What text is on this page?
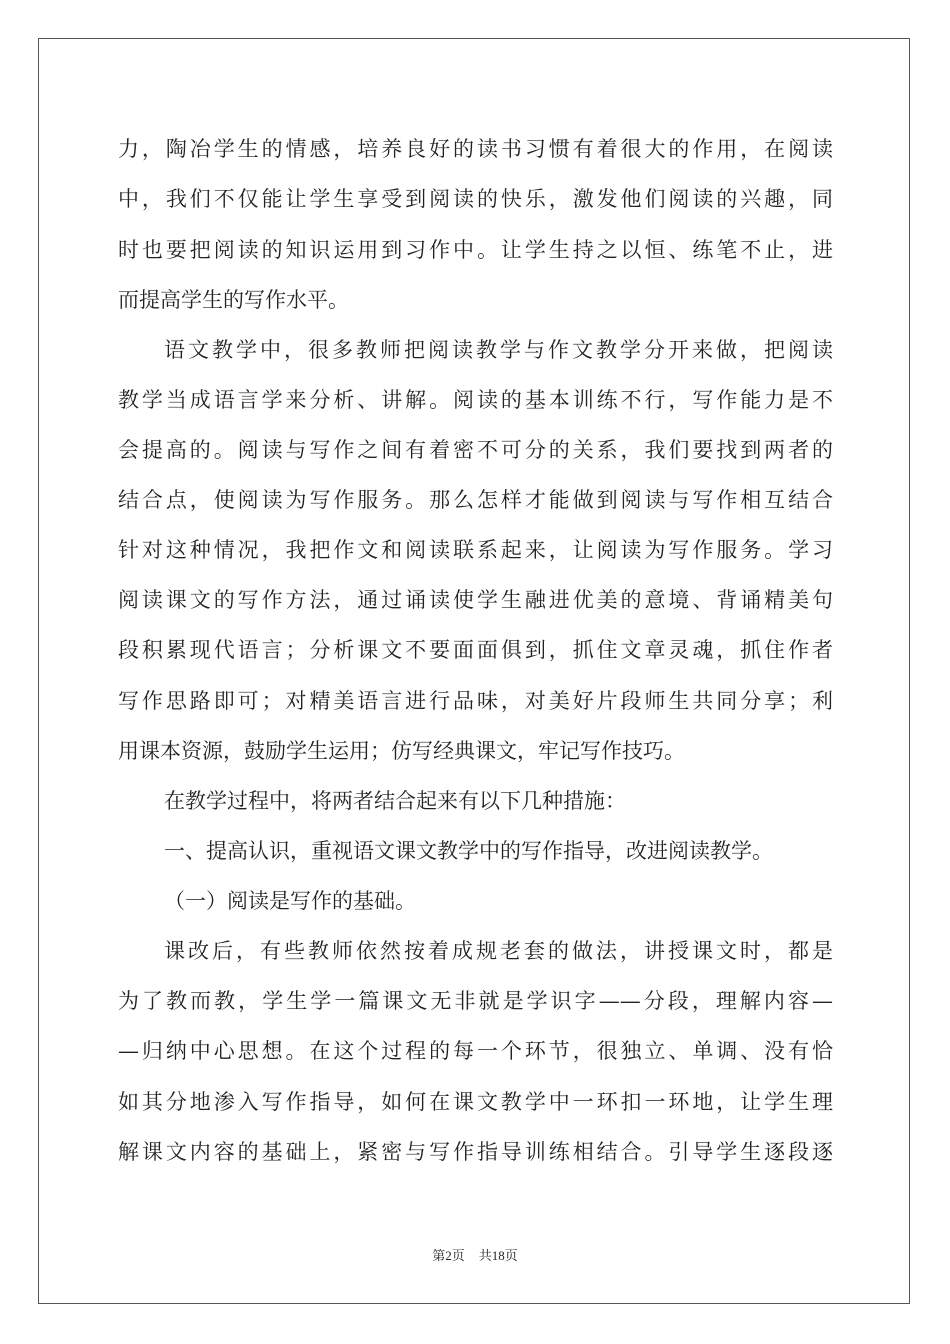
力，陶冶学生的情感，培养良好的读书习惯有着很大的作用，在阅读

中，我们不仅能让学生享受到阅读的快乐，激发他们阅读的兴趣，同

时也要把阅读的知识运用到习作中。让学生持之以恒、练笔不止，进

而提高学生的写作水平。

语文教学中，很多教师把阅读教学与作文教学分开来做，把阅读

教学当成语言学来分析、讲解。阅读的基本训练不行，写作能力是不

会提高的。阅读与写作之间有着密不可分的关系，我们要找到两者的

结合点，使阅读为写作服务。那么怎样才能做到阅读与写作相互结合

针对这种情况，我把作文和阅读联系起来，让阅读为写作服务。学习

阅读课文的写作方法，通过诵读使学生融进优美的意境、背诵精美句

段积累现代语言；分析课文不要面面俱到，抓住文章灵魂，抓住作者

写作思路即可；对精美语言进行品味，对美好片段师生共同分享；利

用课本资源，鼓励学生运用；仿写经典课文，牢记写作技巧。

在教学过程中，将两者结合起来有以下几种措施：

一、提高认识，重视语文课文教学中的写作指导，改进阅读教学。

（一）阅读是写作的基础。

课改后，有些教师依然按着成规老套的做法，讲授课文时，都是

为了教而教，学生学一篇课文无非就是学识字——分段，理解内容—

—归纳中心思想。在这个过程的每一个环节，很独立、单调、没有恰

如其分地渗入写作指导，如何在课文教学中一环扣一环地，让学生理

解课文内容的基础上，紧密与写作指导训练相结合。引导学生逐段逐

第2页 共18页
